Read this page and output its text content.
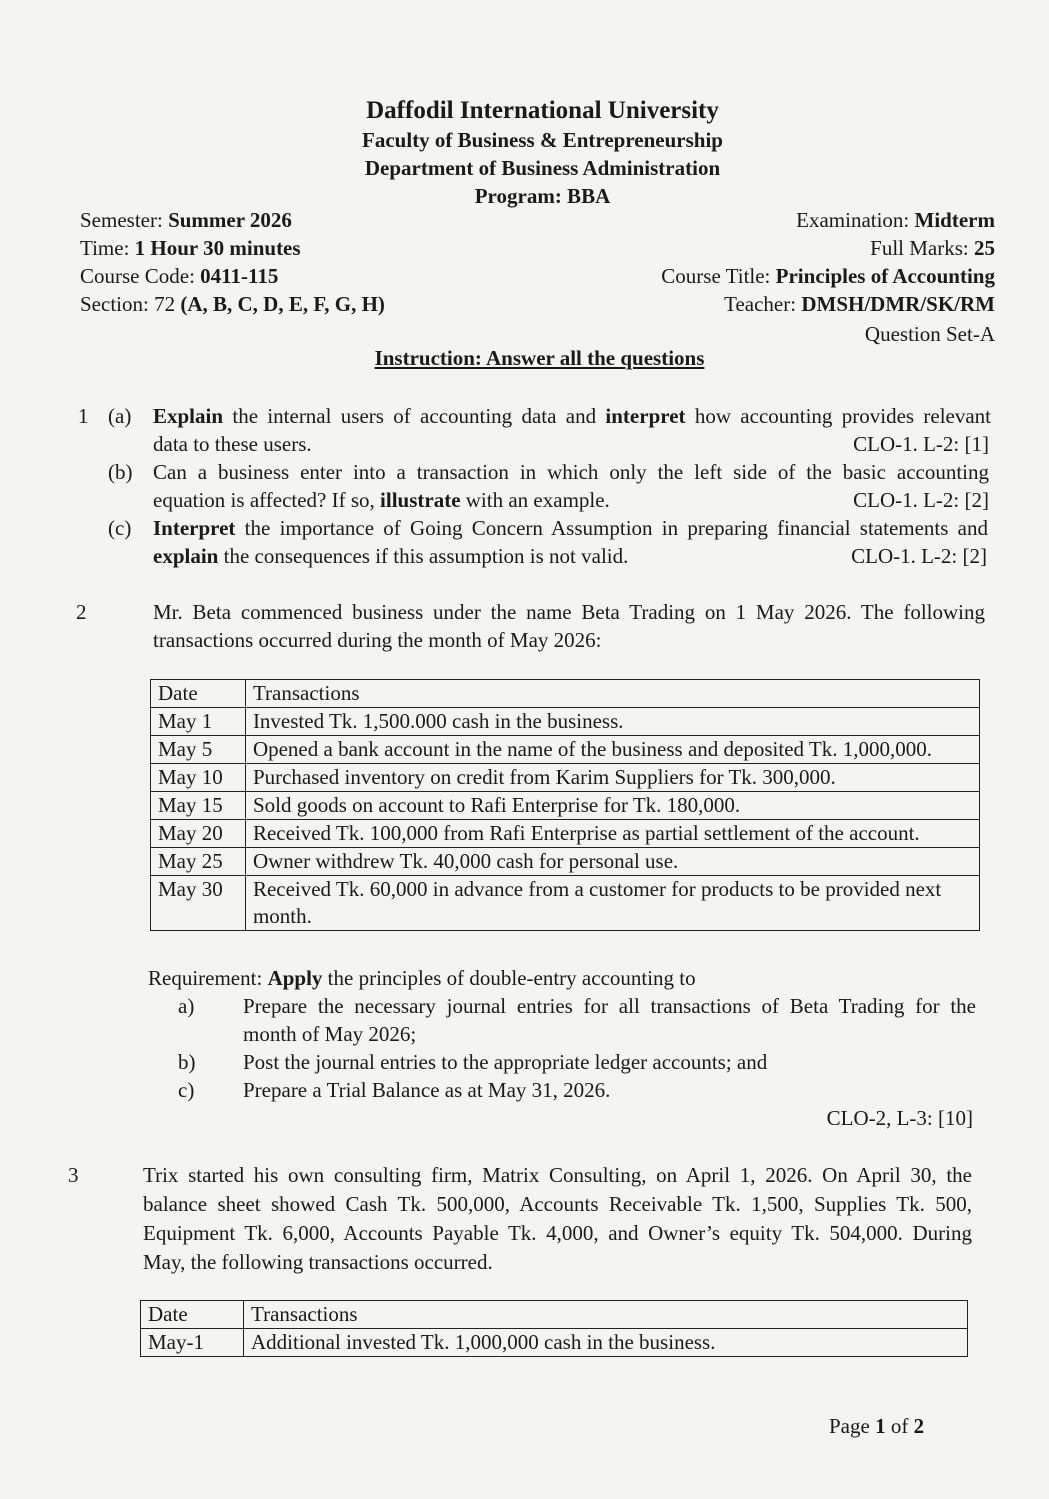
Daffodil International University
Faculty of Business & Entrepreneurship
Department of Business Administration
Program: BBA
Semester: Summer 2026
Time: 1 Hour 30 minutes
Course Code: 0411-115
Section: 72 (A, B, C, D, E, F, G, H)
Examination: Midterm
Full Marks: 25
Course Title: Principles of Accounting
Teacher: DMSH/DMR/SK/RM
Question Set-A
Instruction: Answer all the questions
1 (a) Explain the internal users of accounting data and interpret how accounting provides relevant
data to these users.	CLO-1. L-2: [1]
(b) Can a business enter into a transaction in which only the left side of the basic accounting
equation is affected? If so, illustrate with an example.	CLO-1. L-2: [2]
(c) Interpret the importance of Going Concern Assumption in preparing financial statements and
explain the consequences if this assumption is not valid.	CLO-1. L-2: [2]
2	Mr. Beta commenced business under the name Beta Trading on 1 May 2026. The following
transactions occurred during the month of May 2026:
Date	Transactions
May 1	Invested Tk. 1,500.000 cash in the business.
May 5	Opened a bank account in the name of the business and deposited Tk. 1,000,000.
May 10	Purchased inventory on credit from Karim Suppliers for Tk. 300,000.
May 15	Sold goods on account to Rafi Enterprise for Tk. 180,000.
May 20	Received Tk. 100,000 from Rafi Enterprise as partial settlement of the account.
May 25	Owner withdrew Tk. 40,000 cash for personal use.
May 30	Received Tk. 60,000 in advance from a customer for products to be provided next month.
Requirement: Apply the principles of double-entry accounting to
a) Prepare the necessary journal entries for all transactions of Beta Trading for the
month of May 2026;
b) Post the journal entries to the appropriate ledger accounts; and
c) Prepare a Trial Balance as at May 31, 2026.
CLO-2, L-3: [10]
3	Trix started his own consulting firm, Matrix Consulting, on April 1, 2026. On April 30, the
balance sheet showed Cash Tk. 500,000, Accounts Receivable Tk. 1,500, Supplies Tk. 500,
Equipment Tk. 6,000, Accounts Payable Tk. 4,000, and Owner’s equity Tk. 504,000. During
May, the following transactions occurred.
Date	Transactions
May-1	Additional invested Tk. 1,000,000 cash in the business.
Page 1 of 2
